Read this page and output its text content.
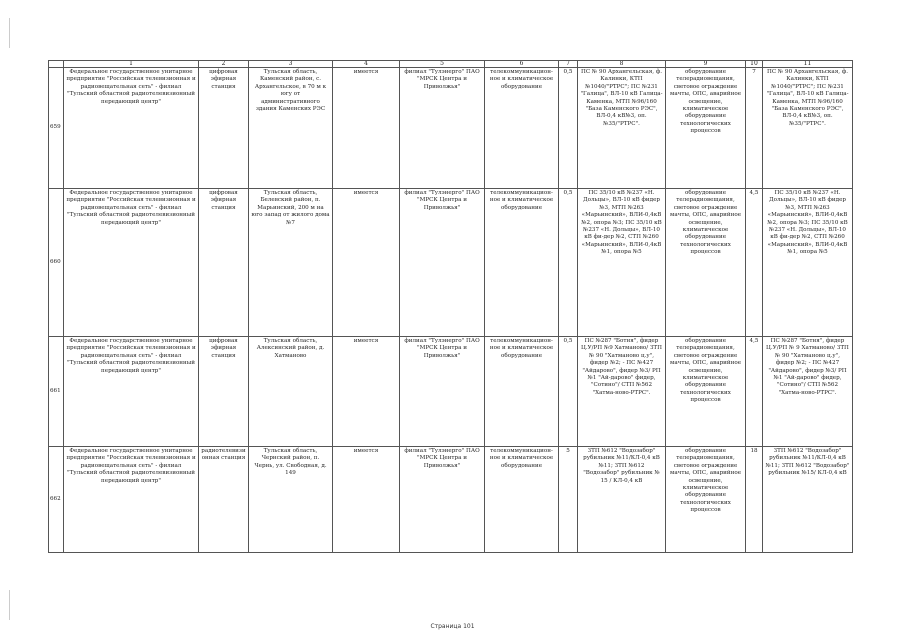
	1	2	3	4	5	6	7	8	9	10	11
659	Федеральное государственное унитарное предприятие "Российская телевизионная и радиовещательная сеть" - филиал "Тульский областной радиотелевизионный передающий центр"	цифровая эфирная станция	Тульская область, Каменский район, с. Архангельское, в 70 м к югу от административного здания Каменских РЭС	имеется	филиал "Тулэнерго" ПАО "МРСК Центра и Приволжья"	телекоммуникацион-ное и климатическое оборудование	0,5	ПС № 90 Архангельская, ф. Калинки, КТП №1040/"РТРС"; ПС №231 "Галица", ВЛ-10 кВ Галица-Каменка, МТП №96/160 "База Каменского РЭС", ВЛ-0,4 кВ№3, оп.№35/"РТРС".	оборудование телерадиовещания, световое ограждение мачты, ОПС, аварийное освещение, климатическое оборудование технологических процессов	7	ПС № 90 Архангельская, ф. Калинки, КТП №1040/"РТРС"; ПС №231 "Галица", ВЛ-10 кВ Галица-Каменка, МТП №96/160 "База Каменского РЭС", ВЛ-0,4 кВ№3, оп.№35/"РТРС".
660	Федеральное государственное унитарное предприятие "Российская телевизионная и радиовещательная сеть" - филиал "Тульский областной радиотелевизионный передающий центр"	цифровая эфирная станция	Тульская область, Белевский район, п. Марьинский, 200 м на юго запад от жилого дома №7	имеется	филиал "Тулэнерго" ПАО "МРСК Центра и Приволжья"	телекоммуникацион-ное и климатическое оборудование	0,5	ПС 35/10 кВ №237 «Н. Дольцы», ВЛ-10 кВ фидер №3, МТП №263 «Марьинский», ВЛИ-0,4кВ №2, опора №3; ПС 35/10 кВ №237 «Н. Дольцы», ВЛ-10 кВ фи-дер №2, СТП №260 «Марьинский», ВЛИ-0,4кВ №1, опора №5	оборудование телерадиовещания, световое ограждение мачты, ОПС, аварийное освещение, климатическое оборудование технологических процессов	4,5	ПС 35/10 кВ №237 «Н. Дольцы», ВЛ-10 кВ фидер №3, МТП №263 «Марьинский», ВЛИ-0,4кВ №2, опора №3; ПС 35/10 кВ №237 «Н. Дольцы», ВЛ-10 кВ фи-дер №2, СТП №260 «Марьинский», ВЛИ-0,4кВ №1, опора №5
661	Федеральное государственное унитарное предприятие "Российская телевизионная и радиовещательная сеть" - филиал "Тульский областной радиотелевизионный передающий центр"	цифровая эфирная станция	Тульская область, Алексинский район, д. Хатманово	имеется	филиал "Тулэнерго" ПАО "МРСК Центра и Приволжья"	телекоммуникацион-ное и климатическое оборудование	0,5	ПС №287 "Ботня", фидер Ц.У/РП №9 Хатманово/ ЗТП № 90 "Хатманово ц.у", фидер №2; - ПС №427 "Айдарово", фидер №3/ РП №1 "Ай-дарово" фидер, "Сотино"/ СТП №562 "Хатма-ново-РТРС".	оборудование телерадиовещания, световое ограждение мачты, ОПС, аварийное освещение, климатическое оборудование технологических процессов	4,5	ПС №287 "Ботня", фидер Ц.У/РП № 9 Хатманово/ ЗТП № 90 "Хатманово ц.у", фидер №2; - ПС №427 "Айдарово", фидер №3/ РП №1 "Ай-дарово" фидер, "Сотино"/ СТП №562 "Хатма-ново-РТРС".
662	Федеральное государственное унитарное предприятие "Российская телевизионная и радиовещательная сеть" - филиал "Тульский областной радиотелевизионный передающий центр"	радиотелевизионная станция	Тульская область, Чернский район, п. Чернь, ул. Свободная, д. 149	имеется	филиал "Тулэнерго" ПАО "МРСК Центра и Приволжья"	телекоммуникацион-ное и климатическое оборудование	5	ЗТП №612 "Водозабор" рубильник №11/КЛ-0,4 кВ №11; ЗТП №612 "Водозабор" рубильник № 15 / КЛ-0,4 кВ	оборудование телерадиовещания, световое ограждение мачты, ОПС, аварийное освещение, климатическое оборудование технологических процессов	18	ЗТП №612 "Водозабор" рубильник №11/КЛ-0,4 кВ №11; ЗТП №612 "Водозабор" рубильник №15/ КЛ-0,4 кВ
Страница 101
